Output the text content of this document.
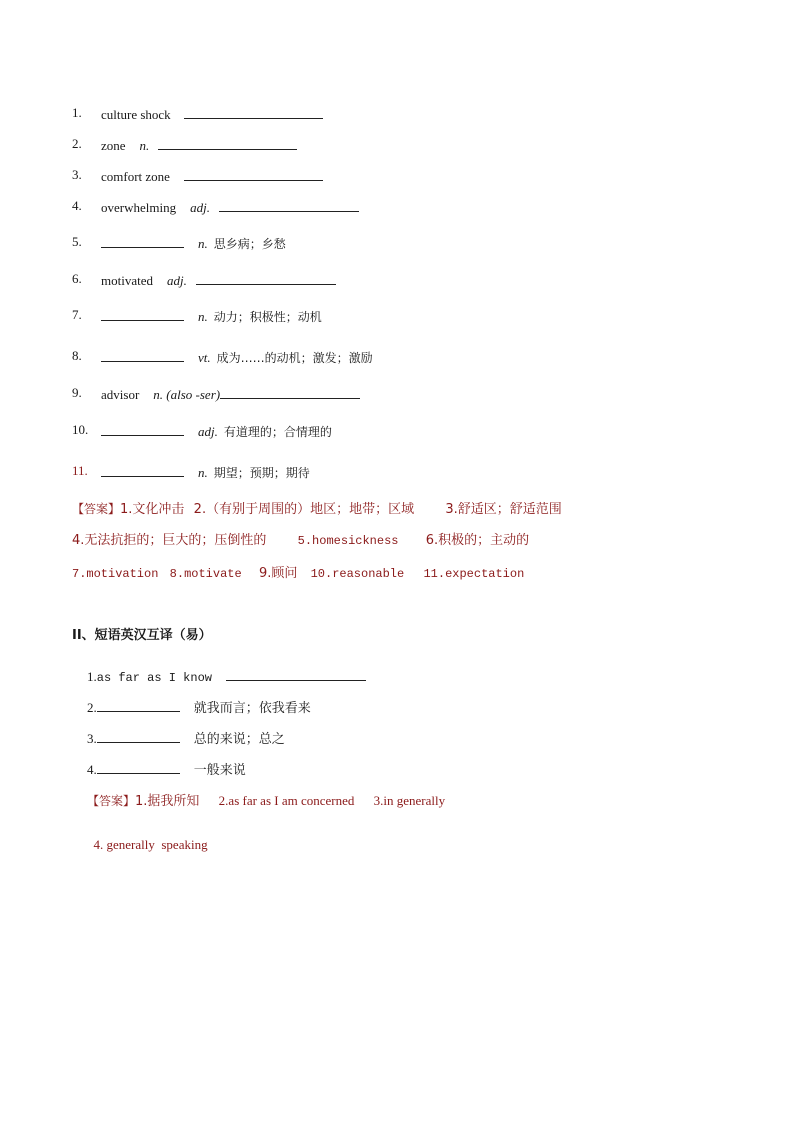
1. culture shock
2. zone n.
3. comfort zone
4. overwhelming adj.
5.	n. 思乡病；乡愁
6. motivated adj.
7.	n. 动力；积极性；动机
8.	vt. 成为……的动机；激发；激励
9. advisor n. (also -ser)
10.	adj. 有道理的；合情理的
11.	n. 期望；预期；期待
【答案】1.文化冲击 2.（有别于周围的）地区；地带；区域 3.舒适区；舒适范围
4.无法抗拒的；巨大的；压倒性的	5.homesickness 6.积极的；主动的
7.motivation 8.motivate 9.顾问 10.reasonable 11.expectation
II、短语英汉互译（易）
1.as far as I know
2.	就我而言；依我看来
3.	总的来说；总之
4.	一般来说
【答案】1.据我所知 2.as far as I am concerned 3.in generally

4. generally  speaking
